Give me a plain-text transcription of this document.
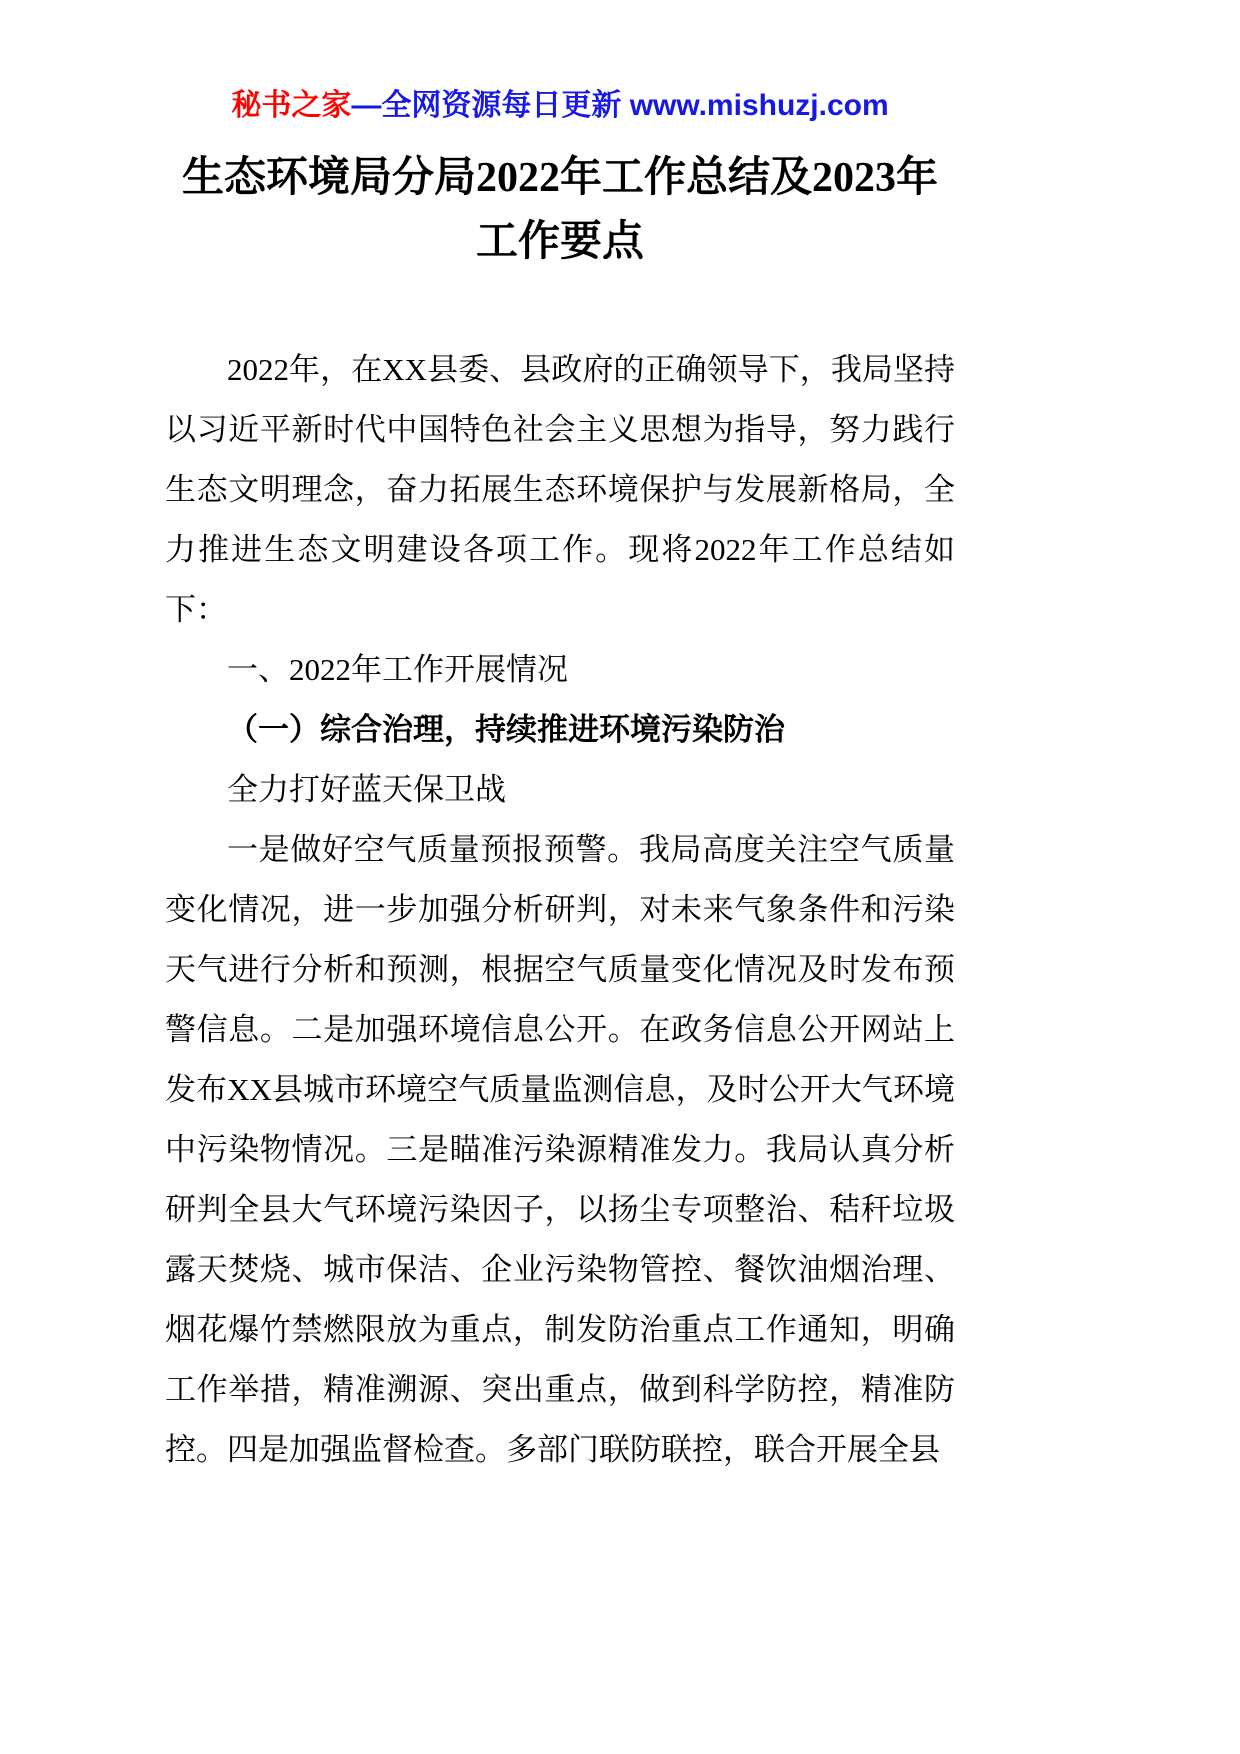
秘书之家—全网资源每日更新 www.mishuzj.com
生态环境局分局2022年工作总结及2023年
工作要点

2022年，在XX县委、县政府的正确领导下，我局坚持以习近平新时代中国特色社会主义思想为指导，努力践行生态文明理念，奋力拓展生态环境保护与发展新格局，全力推进生态文明建设各项工作。现将2022年工作总结如下：

一、2022年工作开展情况

（一）综合治理，持续推进环境污染防治

全力打好蓝天保卫战

一是做好空气质量预报预警。我局高度关注空气质量变化情况，进一步加强分析研判，对未来气象条件和污染天气进行分析和预测，根据空气质量变化情况及时发布预警信息。二是加强环境信息公开。在政务信息公开网站上发布XX县城市环境空气质量监测信息，及时公开大气环境中污染物情况。三是瞄准污染源精准发力。我局认真分析研判全县大气环境污染因子，以扬尘专项整治、秸秆垃圾露天焚烧、城市保洁、企业污染物管控、餐饮油烟治理、烟花爆竹禁燃限放为重点，制发防治重点工作通知，明确工作举措，精准溯源、突出重点，做到科学防控，精准防控。四是加强监督检查。多部门联防联控，联合开展全县
